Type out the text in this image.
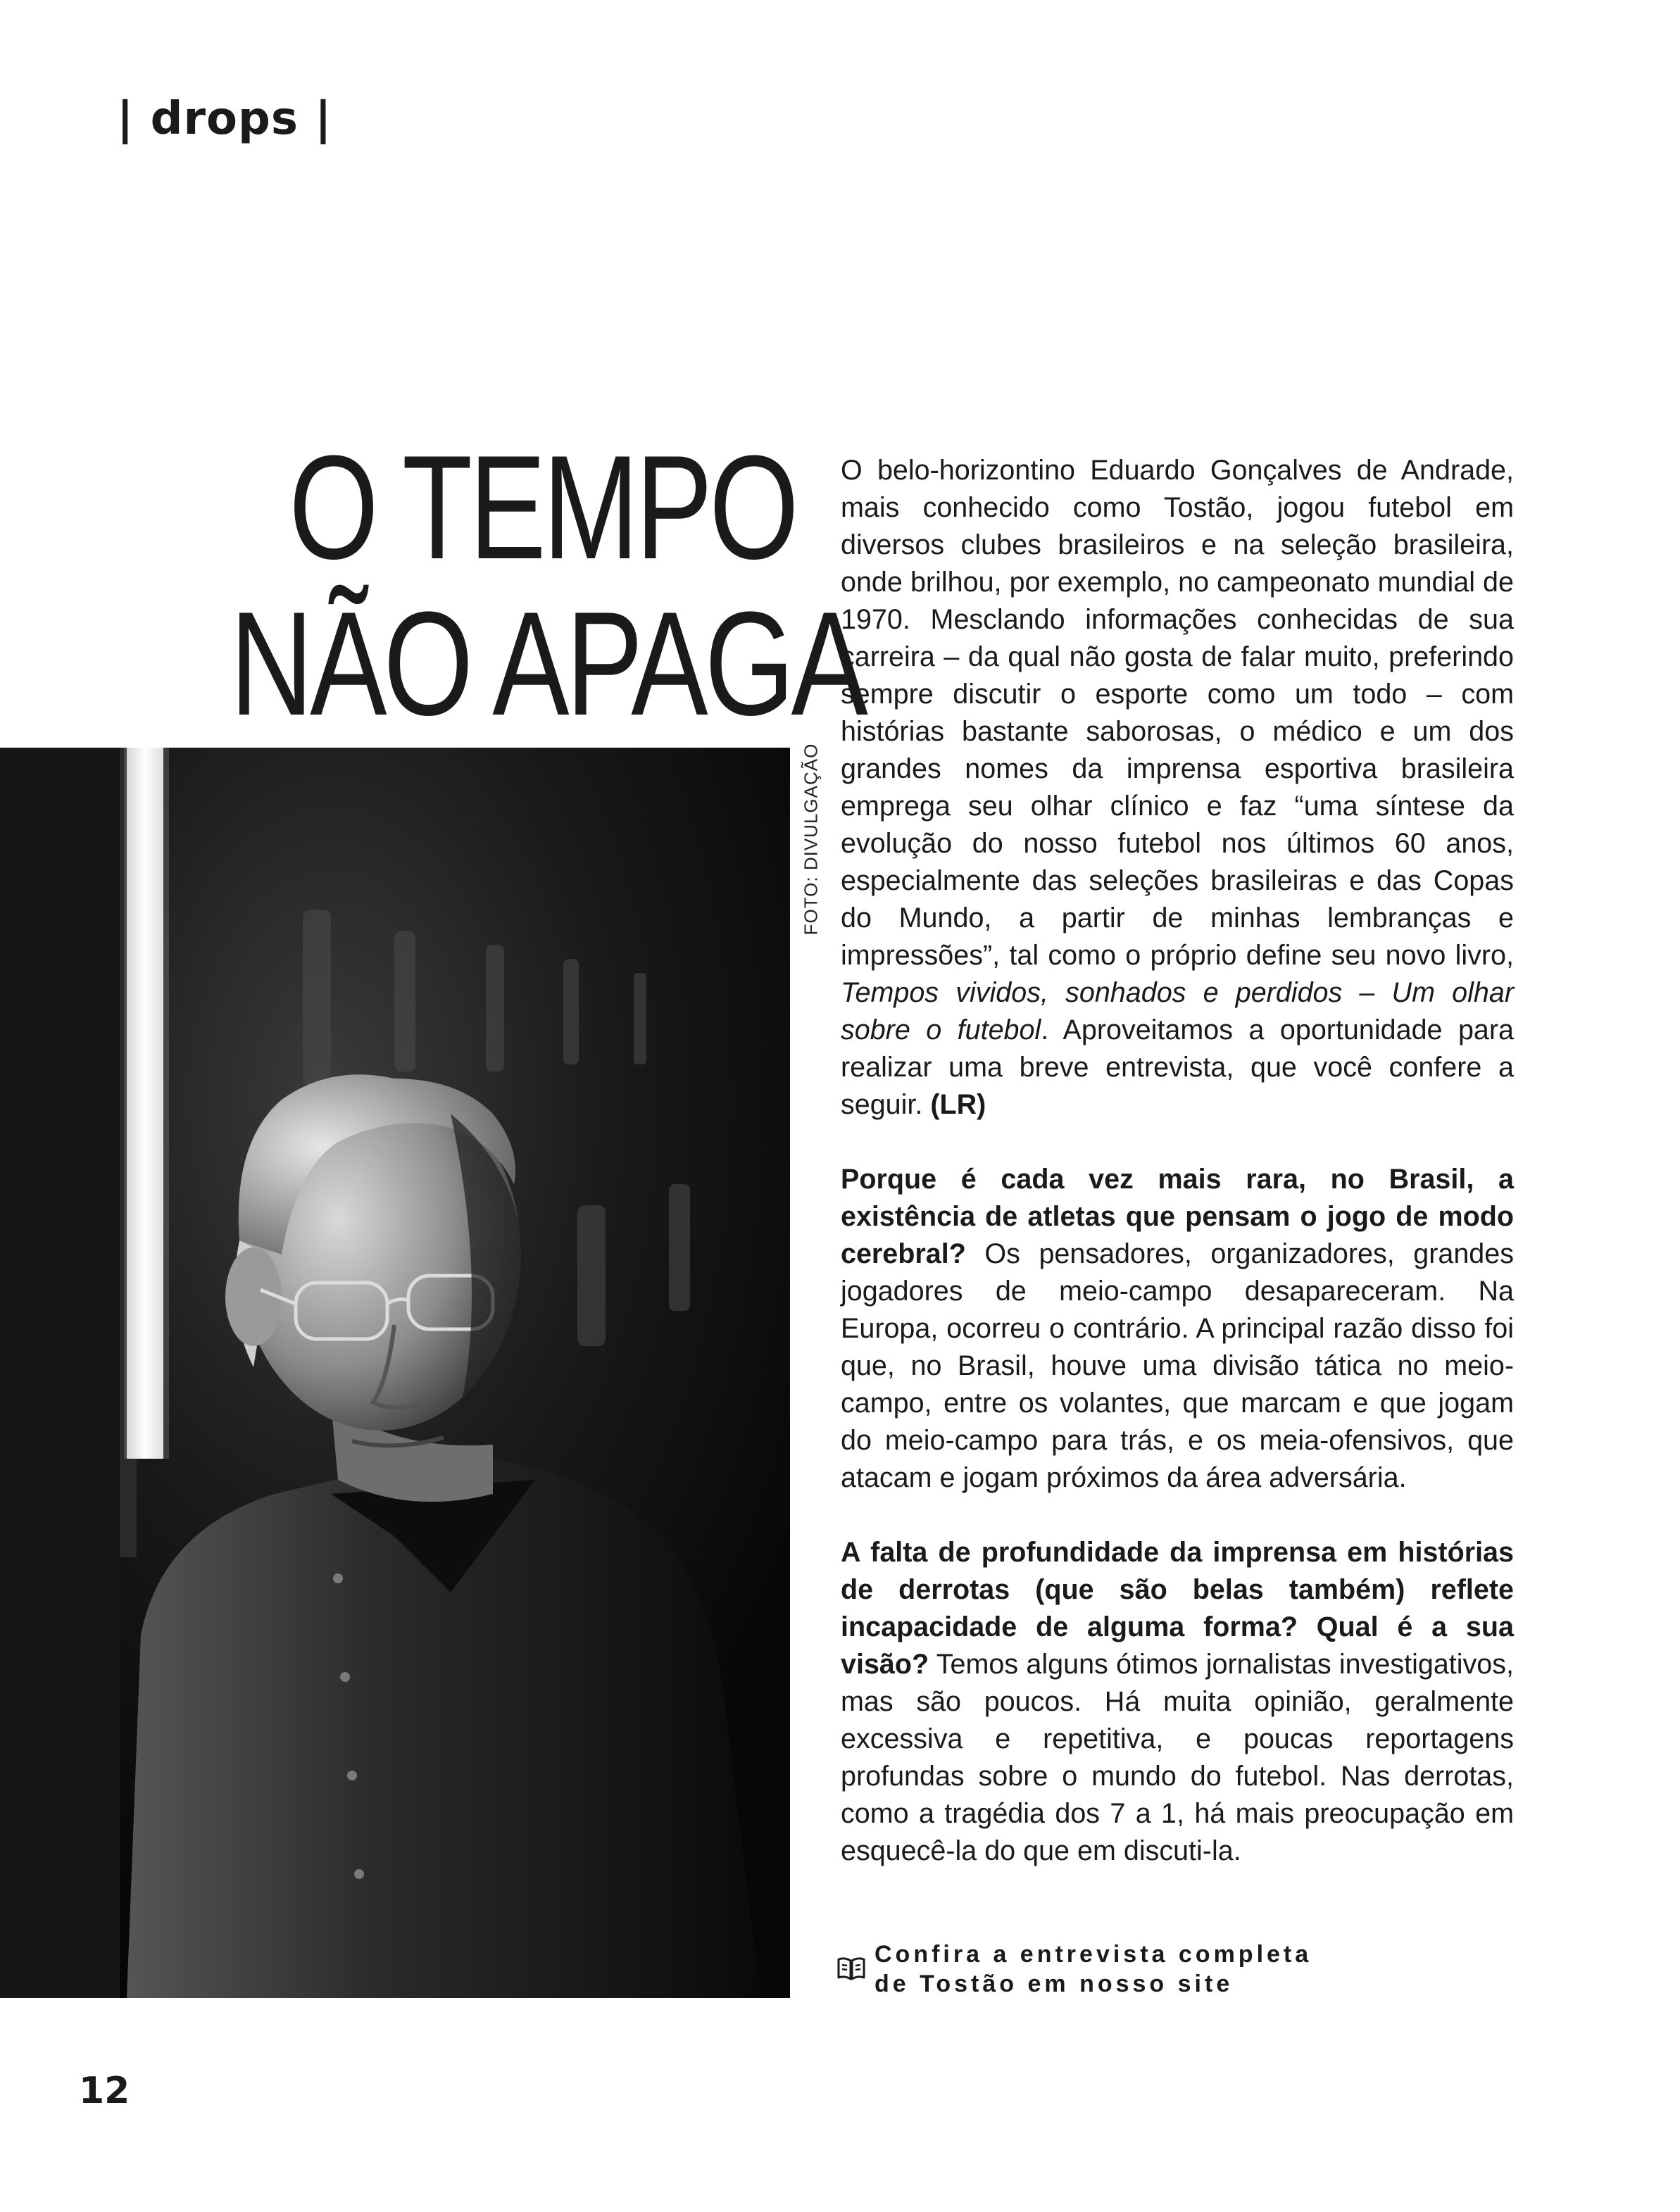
| drops |
O TEMPO
NÃO APAGA
FOTO: DIVULGAÇÃO

O belo-horizontino Eduardo Gonçalves de Andrade, mais conhecido como Tostão, jogou futebol em diversos clubes brasileiros e na seleção brasileira, onde brilhou, por exemplo, no campeonato mundial de 1970. Mesclando informações conhecidas de sua carreira – da qual não gosta de falar muito, preferindo sempre discutir o esporte como um todo – com histórias bastante saborosas, o médico e um dos grandes nomes da imprensa esportiva brasileira emprega seu olhar clínico e faz “uma síntese da evolução do nosso futebol nos últimos 60 anos, especialmente das seleções brasileiras e das Copas do Mundo, a partir de minhas lembranças e impressões”, tal como o próprio define seu novo livro, Tempos vividos, sonhados e perdidos – Um olhar sobre o futebol. Aproveitamos a oportunidade para realizar uma breve entrevista, que você confere a seguir. (LR)

Porque é cada vez mais rara, no Brasil, a existência de atletas que pensam o jogo de modo cerebral? Os pensadores, organizadores, grandes jogadores de meio-campo desapareceram. Na Europa, ocorreu o contrário. A principal razão disso foi que, no Brasil, houve uma divisão tática no meio-campo, entre os volantes, que marcam e que jogam do meio-campo para trás, e os meia-ofensivos, que atacam e jogam próximos da área adversária.

A falta de profundidade da imprensa em histórias de derrotas (que são belas também) reflete incapacidade de alguma forma? Qual é a sua visão? Temos alguns ótimos jornalistas investigativos, mas são poucos. Há muita opinião, geralmente excessiva e repetitiva, e poucas reportagens profundas sobre o mundo do futebol. Nas derrotas, como a tragédia dos 7 a 1, há mais preocupação em esquecê-la do que em discuti-la.

Confira a entrevista completa
de Tostão em nosso site
12
